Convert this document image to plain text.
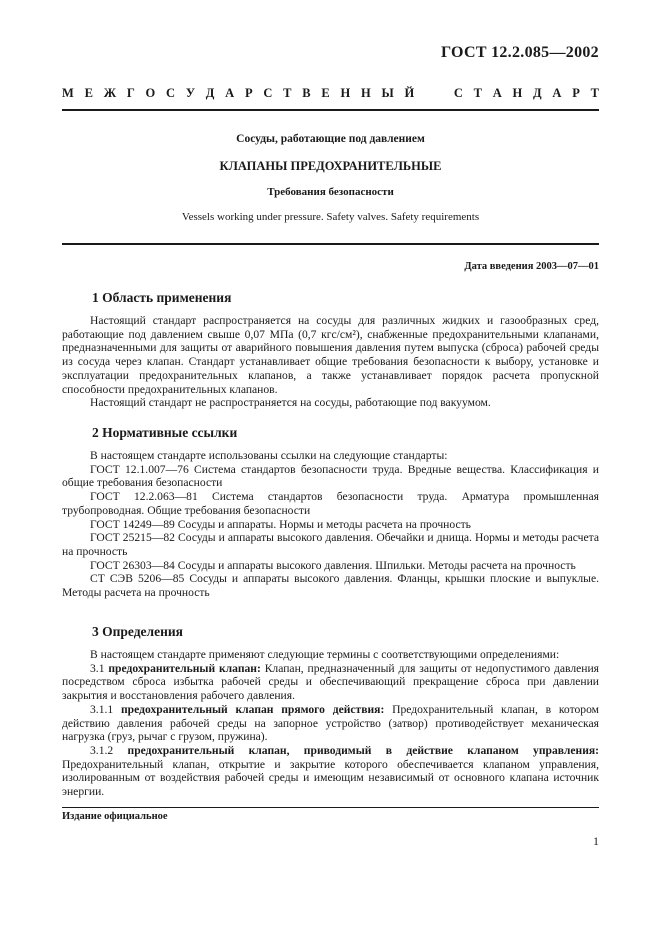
ГОСТ 12.2.085—2002
М Е Ж Г О С У Д А Р С Т В Е Н Н Ы Й	С Т А Н Д А Р Т
Сосуды, работающие под давлением
КЛАПАНЫ ПРЕДОХРАНИТЕЛЬНЫЕ
Требования безопасности
Vessels working under pressure. Safety valves. Safety requirements
Дата введения 2003—07—01
1 Область применения

Настоящий стандарт распространяется на сосуды для различных жидких и газообразных сред, работающие под давлением свыше 0,07 МПа (0,7 кгс/см²), снабженные предохранительными клапанами, предназначенными для защиты от аварийного повышения давления путем выпуска (сброса) рабочей среды из сосуда через клапан. Стандарт устанавливает общие требования безопасности к выбору, установке и эксплуатации предохранительных клапанов, а также устанавливает порядок расчета пропускной способности предохранительных клапанов.

Настоящий стандарт не распространяется на сосуды, работающие под вакуумом.

2 Нормативные ссылки

В настоящем стандарте использованы ссылки на следующие стандарты:

ГОСТ 12.1.007—76 Система стандартов безопасности труда. Вредные вещества. Классификация и общие требования безопасности

ГОСТ 12.2.063—81 Система стандартов безопасности труда. Арматура промышленная трубопроводная. Общие требования безопасности

ГОСТ 14249—89 Сосуды и аппараты. Нормы и методы расчета на прочность

ГОСТ 25215—82 Сосуды и аппараты высокого давления. Обечайки и днища. Нормы и методы расчета на прочность

ГОСТ 26303—84 Сосуды и аппараты высокого давления. Шпильки. Методы расчета на прочность

СТ СЭВ 5206—85 Сосуды и аппараты высокого давления. Фланцы, крышки плоские и выпуклые. Методы расчета на прочность

3 Определения

В настоящем стандарте применяют следующие термины с соответствующими определениями:

3.1 предохранительный клапан: Клапан, предназначенный для защиты от недопустимого давления посредством сброса избытка рабочей среды и обеспечивающий прекращение сброса при давлении закрытия и восстановления рабочего давления.

3.1.1 предохранительный клапан прямого действия: Предохранительный клапан, в котором действию давления рабочей среды на запорное устройство (затвор) противодействует механическая нагрузка (груз, рычаг с грузом, пружина).

3.1.2 предохранительный клапан, приводимый в действие клапаном управления: Предохранительный клапан, открытие и закрытие которого обеспечивается клапаном управления, изолированным от воздействия рабочей среды и имеющим независимый от основного клапана источник энергии.

Издание официальное
1
